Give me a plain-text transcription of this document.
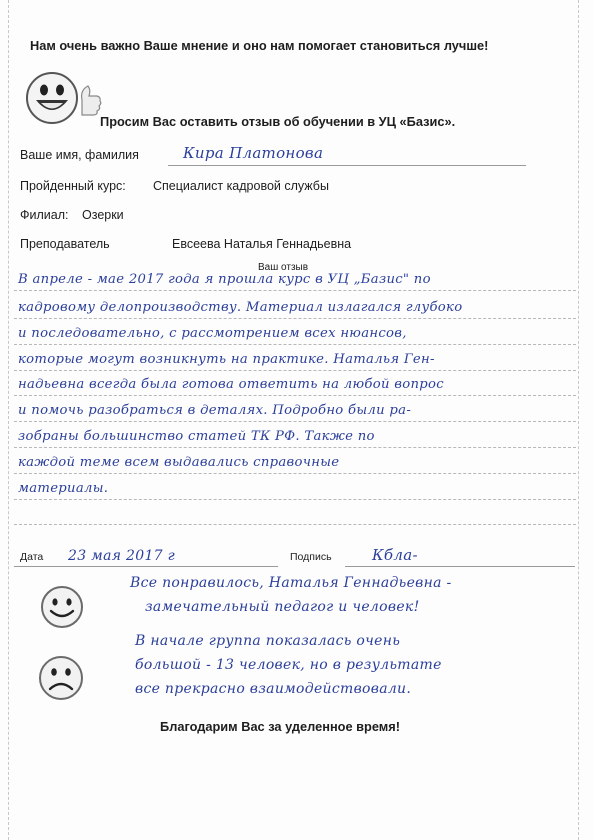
Нам очень важно Ваше мнение и оно нам помогает становиться лучше!
Просим Вас оставить отзыв об обучении в УЦ «Базис».
Ваше имя, фамилия	Кира Платонова
Пройденный курс: Специалист кадровой службы
Филиал: Озерки
Преподаватель	Евсеева Наталья Геннадьевна
Ваш отзыв
В апреле - мае 2017 года я прошла курс в УЦ „Базис" по
кадровому делопроизводству. Материал излагался глубоко
и последовательно, с рассмотрением всех нюансов,
которые могут возникнуть на практике. Наталья Ген-
надьевна всегда была готова ответить на любой вопрос
и помочь разобраться в деталях. Подробно были ра-
зобраны большинство статей ТК РФ. Также по
каждой теме всем выдавались справочные
материалы.
Дата 23 мая 2017 г	Подпись	Кбла-
Все понравилось, Наталья Геннадьевна -
замечательный педагог и человек!
В начале группа показалась очень
большой - 13 человек, но в результате
все прекрасно взаимодействовали.
Благодарим Вас за уделенное время!
